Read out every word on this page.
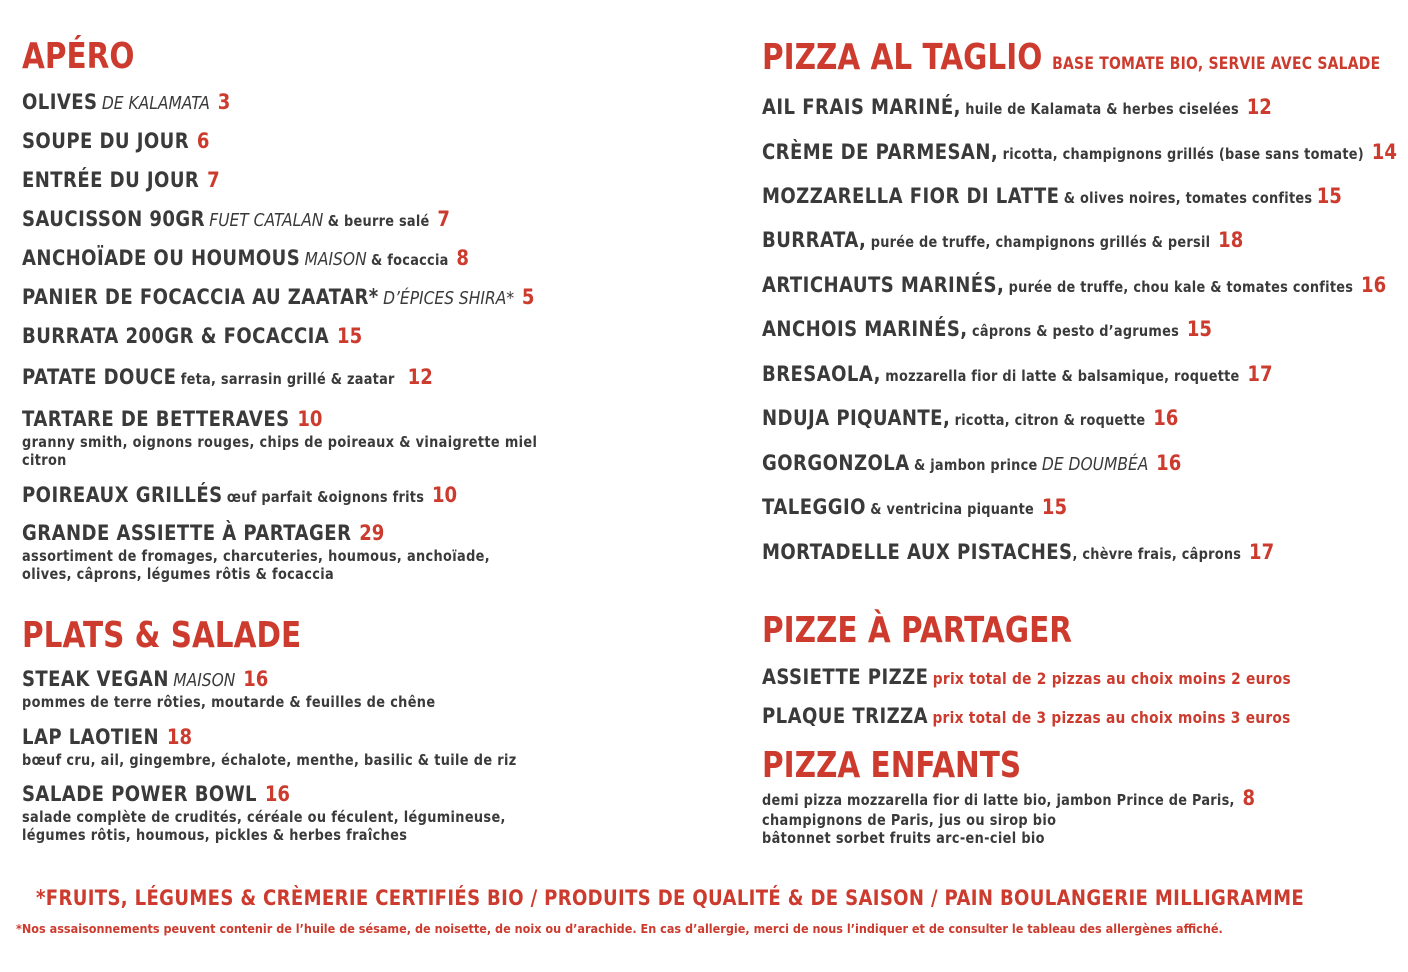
APÉRO
OLIVES DE KALAMATA 3
SOUPE DU JOUR 6
ENTRÉE DU JOUR 7
SAUCISSON 90GR FUET CATALAN & beurre salé 7
ANCHOÏADE OU HOUMOUS MAISON & focaccia 8
PANIER DE FOCACCIA AU ZAATAR* D’ÉPICES SHIRA* 5
BURRATA 200GR & FOCACCIA 15
PATATE DOUCE feta, sarrasin grillé & zaatar 12
TARTARE DE BETTERAVES 10
granny smith, oignons rouges, chips de poireaux & vinaigrette miel
citron
POIREAUX GRILLÉS œuf parfait &oignons frits 10
GRANDE ASSIETTE À PARTAGER 29
assortiment de fromages, charcuteries, houmous, anchoïade,
olives, câprons, légumes rôtis & focaccia
PLATS & SALADE
STEAK VEGAN MAISON 16
pommes de terre rôties, moutarde & feuilles de chêne
LAP LAOTIEN 18
bœuf cru, ail, gingembre, échalote, menthe, basilic & tuile de riz
SALADE POWER BOWL 16
salade complète de crudités, céréale ou féculent, légumineuse,
légumes rôtis, houmous, pickles & herbes fraîches
PIZZA AL TAGLIO BASE TOMATE BIO, SERVIE AVEC SALADE
AIL FRAIS MARINÉ, huile de Kalamata & herbes ciselées 12
CRÈME DE PARMESAN, ricotta, champignons grillés (base sans tomate) 14
MOZZARELLA FIOR DI LATTE & olives noires, tomates confites 15
BURRATA, purée de truffe, champignons grillés & persil 18
ARTICHAUTS MARINÉS, purée de truffe, chou kale & tomates confites 16
ANCHOIS MARINÉS, câprons & pesto d’agrumes 15
BRESAOLA, mozzarella fior di latte & balsamique, roquette 17
NDUJA PIQUANTE, ricotta, citron & roquette 16
GORGONZOLA & jambon prince DE DOUMBÉA 16
TALEGGIO & ventricina piquante 15
MORTADELLE AUX PISTACHES, chèvre frais, câprons 17
PIZZE À PARTAGER
ASSIETTE PIZZE prix total de 2 pizzas au choix moins 2 euros
PLAQUE TRIZZA prix total de 3 pizzas au choix moins 3 euros
PIZZA ENFANTS
demi pizza mozzarella fior di latte bio, jambon Prince de Paris, 8
champignons de Paris, jus ou sirop bio
bâtonnet sorbet fruits arc-en-ciel bio
*FRUITS, LÉGUMES & CRÈMERIE CERTIFIÉS BIO / PRODUITS DE QUALITÉ & DE SAISON / PAIN BOULANGERIE MILLIGRAMME
*Nos assaisonnements peuvent contenir de l’huile de sésame, de noisette, de noix ou d’arachide. En cas d’allergie, merci de nous l’indiquer et de consulter le tableau des allergènes affiché.
